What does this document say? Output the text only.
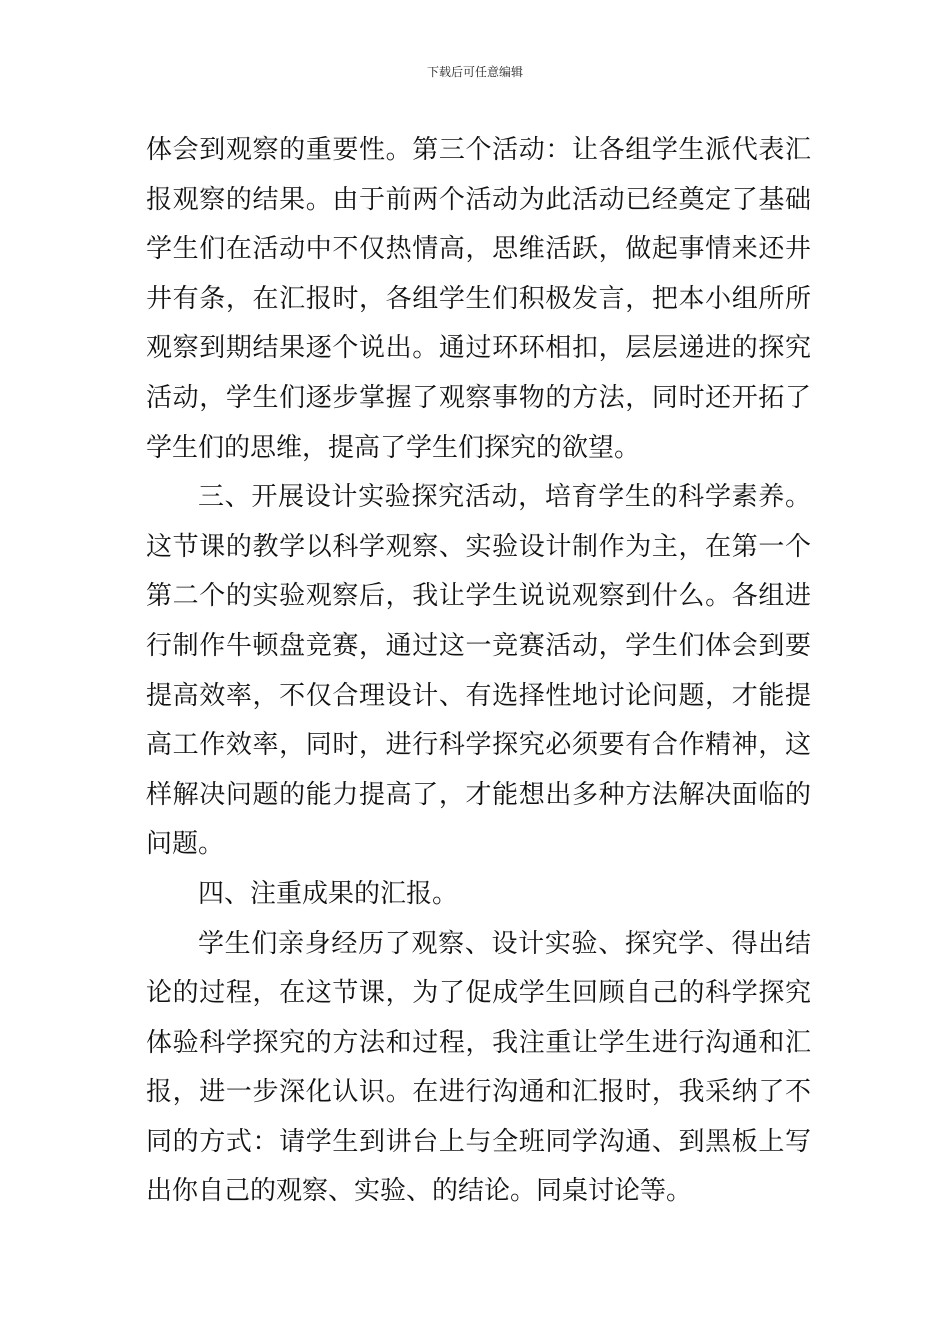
下载后可任意编辑

体会到观察的重要性。第三个活动：让各组学生派代表汇报观察的结果。由于前两个活动为此活动已经奠定了基础学生们在活动中不仅热情高，思维活跃，做起事情来还井井有条，在汇报时，各组学生们积极发言，把本小组所所观察到期结果逐个说出。通过环环相扣，层层递进的探究活动，学生们逐步掌握了观察事物的方法，同时还开拓了学生们的思维，提高了学生们探究的欲望。

三、开展设计实验探究活动，培育学生的科学素养。这节课的教学以科学观察、实验设计制作为主，在第一个第二个的实验观察后，我让学生说说观察到什么。各组进行制作牛顿盘竞赛，通过这一竞赛活动，学生们体会到要提高效率，不仅合理设计、有选择性地讨论问题，才能提高工作效率，同时，进行科学探究必须要有合作精神，这样解决问题的能力提高了，才能想出多种方法解决面临的问题。

四、注重成果的汇报。

学生们亲身经历了观察、设计实验、探究学、得出结论的过程，在这节课，为了促成学生回顾自己的科学探究体验科学探究的方法和过程，我注重让学生进行沟通和汇报，进一步深化认识。在进行沟通和汇报时，我采纳了不同的方式：请学生到讲台上与全班同学沟通、到黑板上写出你自己的观察、实验、的结论。同桌讨论等。
